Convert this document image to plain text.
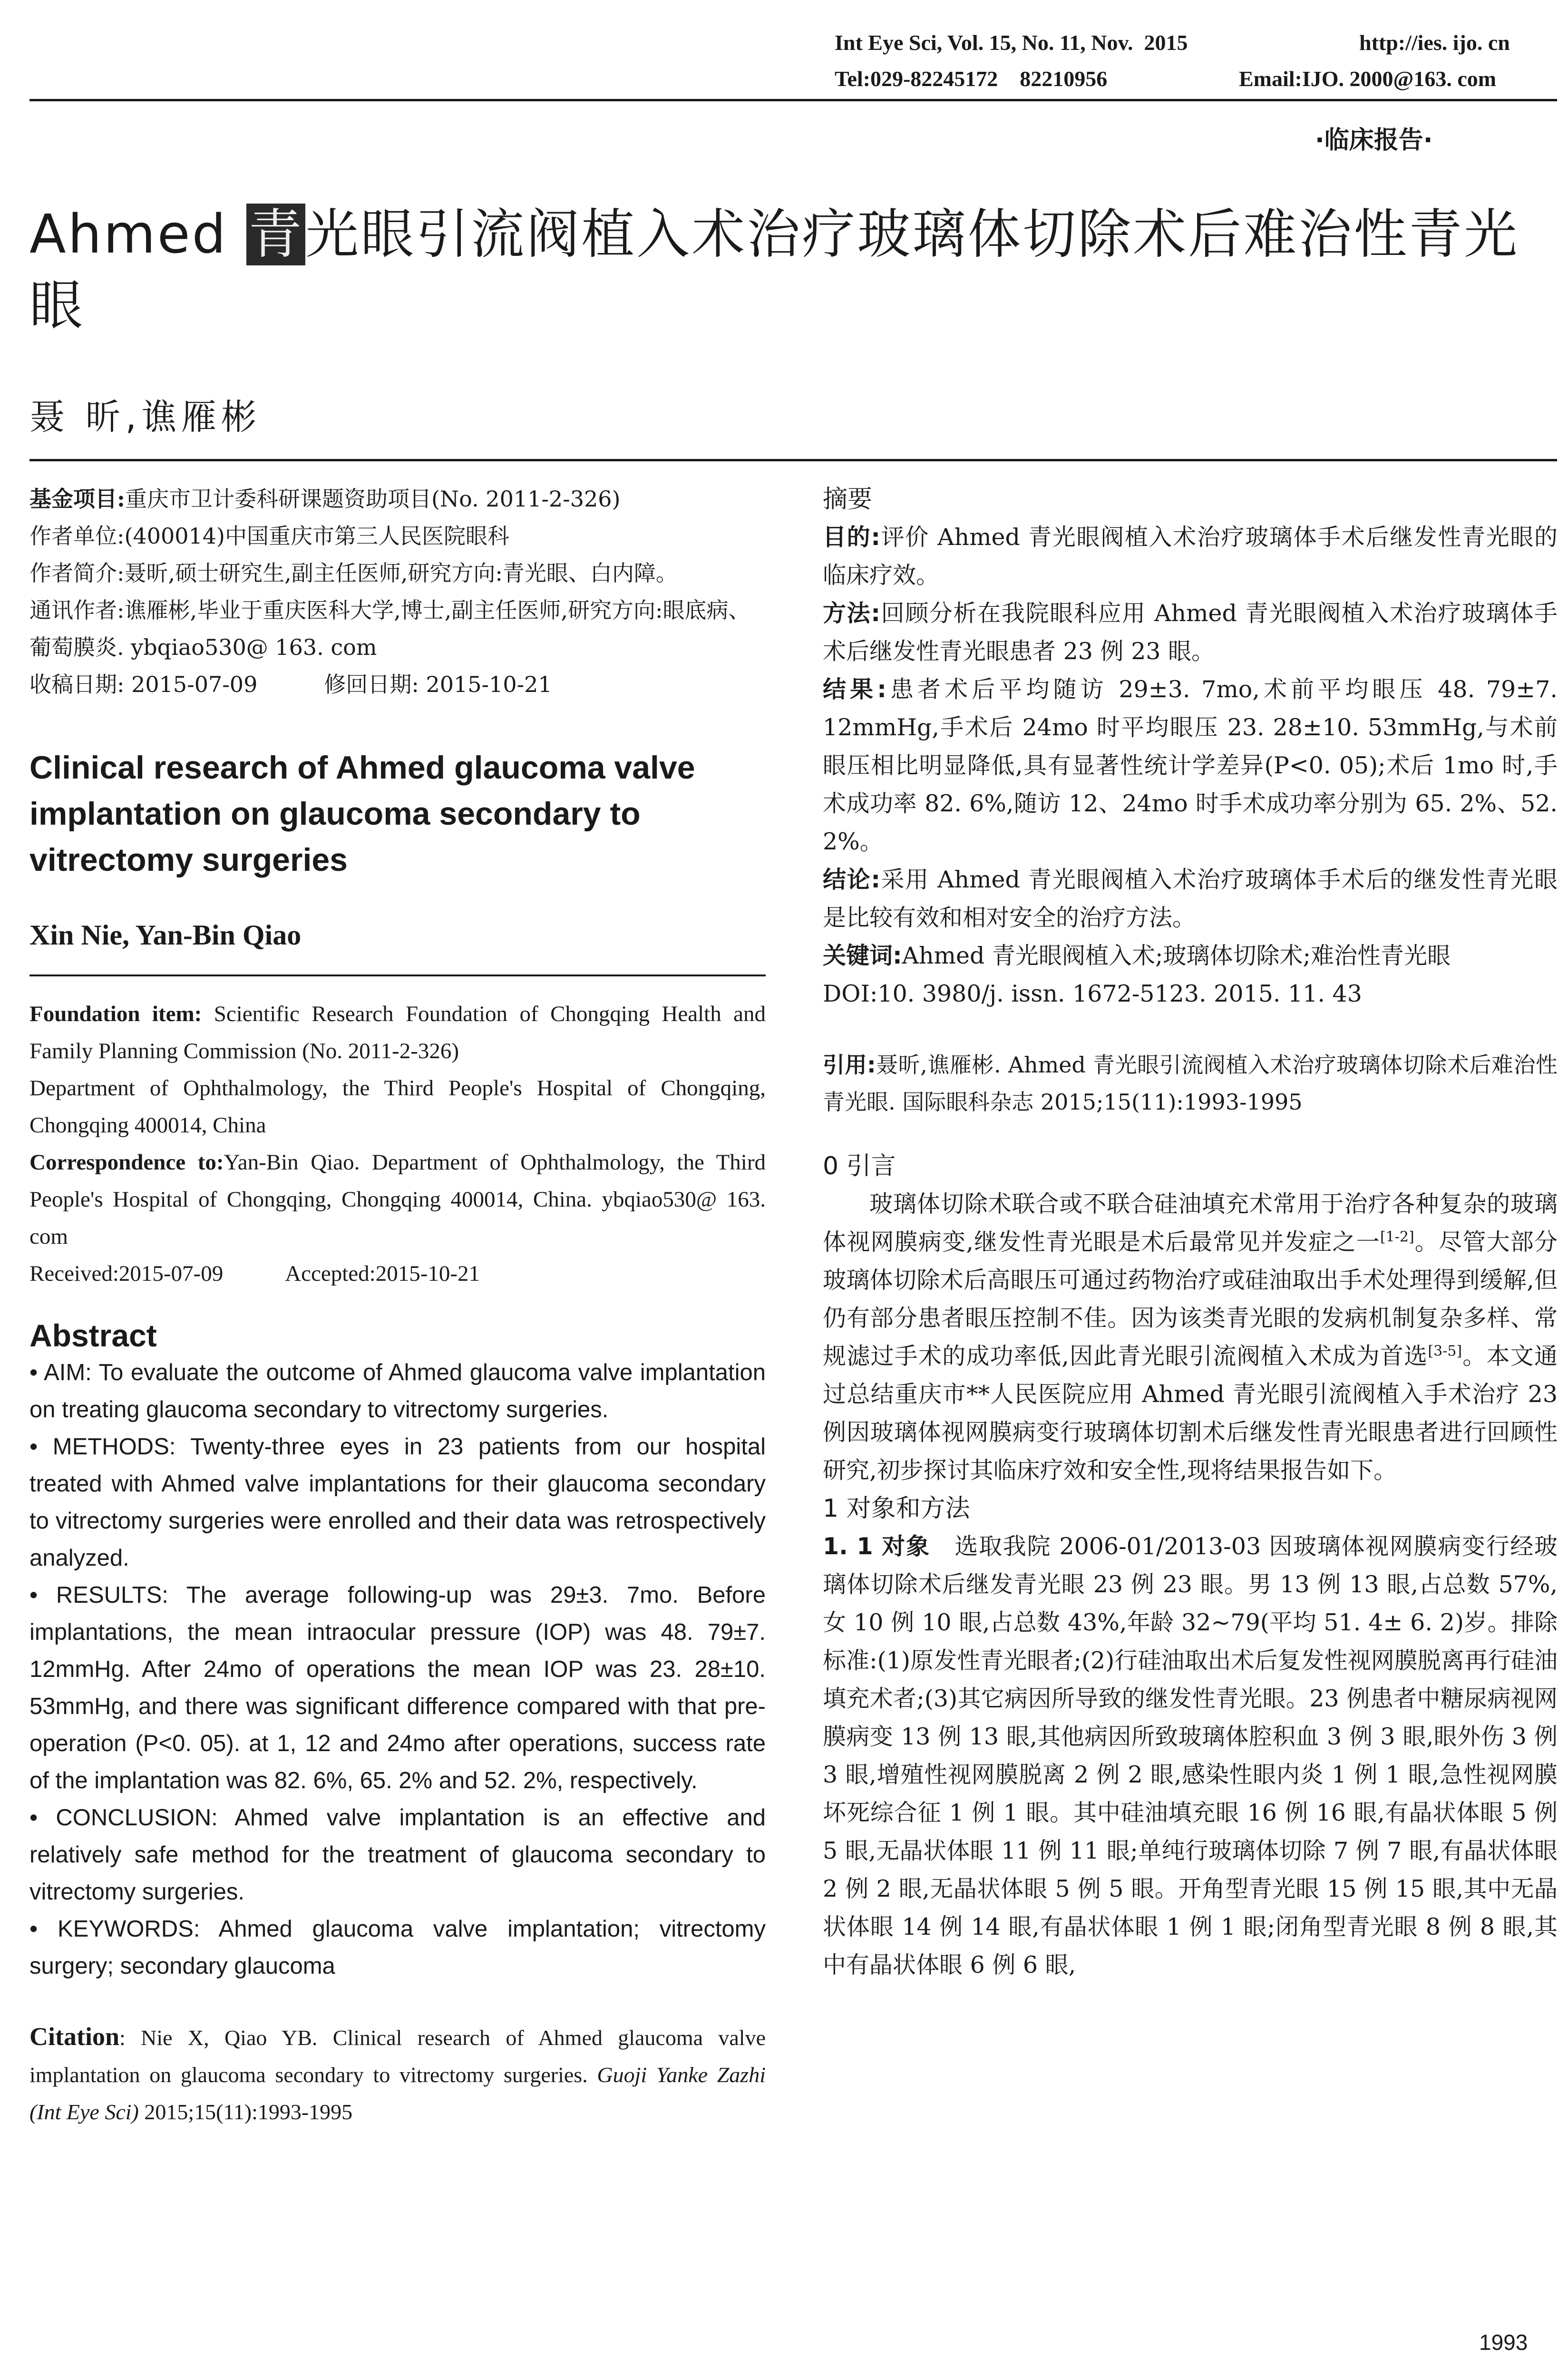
Int Eye Sci, Vol. 15, No. 11, Nov.  2015	http://ies. ijo. cn
Tel:029-82245172    82210956	Email:IJO. 2000@163. com
·临床报告·
Ahmed 青光眼引流阀植入术治疗玻璃体切除术后难治性青光眼
聂 昕,谯雁彬

基金项目:重庆市卫计委科研课题资助项目(No. 2011-2-326)

作者单位:(400014)中国重庆市第三人民医院眼科

作者简介:聂昕,硕士研究生,副主任医师,研究方向:青光眼、白内障。

通讯作者:谯雁彬,毕业于重庆医科大学,博士,副主任医师,研究方向:眼底病、葡萄膜炎. ybqiao530@ 163. com

收稿日期: 2015-07-09	修回日期: 2015-10-21

Clinical research of Ahmed glaucoma valve implantation on glaucoma secondary to vitrectomy surgeries
Xin Nie, Yan-Bin Qiao

Foundation item: Scientific Research Foundation of Chongqing Health and Family Planning Commission (No. 2011-2-326)

Department of Ophthalmology, the Third People's Hospital of Chongqing, Chongqing 400014, China

Correspondence to:Yan-Bin Qiao. Department of Ophthalmology, the Third People's Hospital of Chongqing, Chongqing 400014, China. ybqiao530@ 163. com

Received:2015-07-09	Accepted:2015-10-21

Abstract

• AIM: To evaluate the outcome of Ahmed glaucoma valve implantation on treating glaucoma secondary to vitrectomy surgeries.

• METHODS: Twenty-three eyes in 23 patients from our hospital treated with Ahmed valve implantations for their glaucoma secondary to vitrectomy surgeries were enrolled and their data was retrospectively analyzed.

• RESULTS: The average following-up was 29±3. 7mo. Before implantations, the mean intraocular pressure (IOP) was 48. 79±7. 12mmHg. After 24mo of operations the mean IOP was 23. 28±10. 53mmHg, and there was significant difference compared with that pre-operation (P<0. 05). at 1, 12 and 24mo after operations, success rate of the implantation was 82. 6%, 65. 2% and 52. 2%, respectively.

• CONCLUSION: Ahmed valve implantation is an effective and relatively safe method for the treatment of glaucoma secondary to vitrectomy surgeries.

• KEYWORDS: Ahmed glaucoma valve implantation; vitrectomy surgery; secondary glaucoma

Citation: Nie X, Qiao YB. Clinical research of Ahmed glaucoma valve implantation on glaucoma secondary to vitrectomy surgeries. Guoji Yanke Zazhi (Int Eye Sci) 2015;15(11):1993-1995

摘要

目的:评价 Ahmed 青光眼阀植入术治疗玻璃体手术后继发性青光眼的临床疗效。

方法:回顾分析在我院眼科应用 Ahmed 青光眼阀植入术治疗玻璃体手术后继发性青光眼患者 23 例 23 眼。

结果:患者术后平均随访 29±3. 7mo,术前平均眼压 48. 79±7. 12mmHg,手术后 24mo 时平均眼压 23. 28±10. 53mmHg,与术前眼压相比明显降低,具有显著性统计学差异(P<0. 05);术后 1mo 时,手术成功率 82. 6%,随访 12、24mo 时手术成功率分别为 65. 2%、52. 2%。

结论:采用 Ahmed 青光眼阀植入术治疗玻璃体手术后的继发性青光眼是比较有效和相对安全的治疗方法。

关键词:Ahmed 青光眼阀植入术;玻璃体切除术;难治性青光眼

DOI:10. 3980/j. issn. 1672-5123. 2015. 11. 43

引用:聂昕,谯雁彬. Ahmed 青光眼引流阀植入术治疗玻璃体切除术后难治性青光眼. 国际眼科杂志 2015;15(11):1993-1995

0 引言

玻璃体切除术联合或不联合硅油填充术常用于治疗各种复杂的玻璃体视网膜病变,继发性青光眼是术后最常见并发症之一[1-2]。尽管大部分玻璃体切除术后高眼压可通过药物治疗或硅油取出手术处理得到缓解,但仍有部分患者眼压控制不佳。因为该类青光眼的发病机制复杂多样、常规滤过手术的成功率低,因此青光眼引流阀植入术成为首选[3-5]。本文通过总结重庆市**人民医院应用 Ahmed 青光眼引流阀植入手术治疗 23 例因玻璃体视网膜病变行玻璃体切割术后继发性青光眼患者进行回顾性研究,初步探讨其临床疗效和安全性,现将结果报告如下。

1 对象和方法

1. 1 对象 选取我院 2006-01/2013-03 因玻璃体视网膜病变行经玻璃体切除术后继发青光眼 23 例 23 眼。男 13 例 13 眼,占总数 57%,女 10 例 10 眼,占总数 43%,年龄 32~79(平均 51. 4± 6. 2)岁。排除标准:(1)原发性青光眼者;(2)行硅油取出术后复发性视网膜脱离再行硅油填充术者;(3)其它病因所导致的继发性青光眼。23 例患者中糖尿病视网膜病变 13 例 13 眼,其他病因所致玻璃体腔积血 3 例 3 眼,眼外伤 3 例 3 眼,增殖性视网膜脱离 2 例 2 眼,感染性眼内炎 1 例 1 眼,急性视网膜坏死综合征 1 例 1 眼。其中硅油填充眼 16 例 16 眼,有晶状体眼 5 例 5 眼,无晶状体眼 11 例 11 眼;单纯行玻璃体切除 7 例 7 眼,有晶状体眼 2 例 2 眼,无晶状体眼 5 例 5 眼。开角型青光眼 15 例 15 眼,其中无晶状体眼 14 例 14 眼,有晶状体眼 1 例 1 眼;闭角型青光眼 8 例 8 眼,其中有晶状体眼 6 例 6 眼,

1993
